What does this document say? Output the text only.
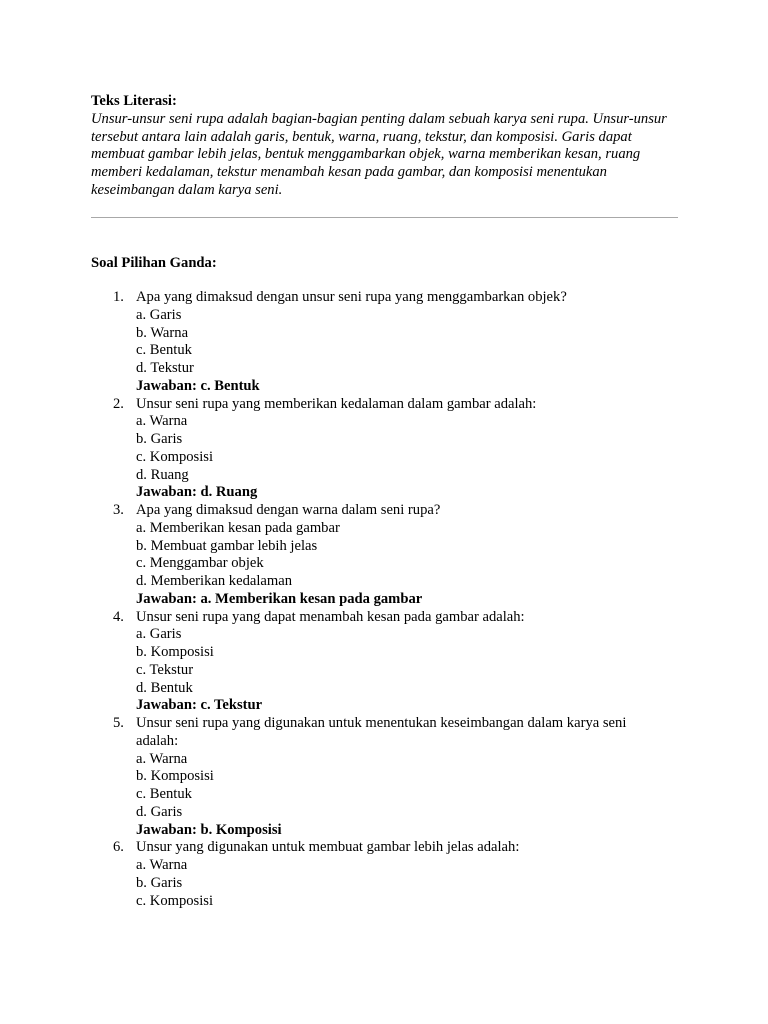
Teks Literasi:
Unsur-unsur seni rupa adalah bagian-bagian penting dalam sebuah karya seni rupa. Unsur-unsur tersebut antara lain adalah garis, bentuk, warna, ruang, tekstur, dan komposisi. Garis dapat membuat gambar lebih jelas, bentuk menggambarkan objek, warna memberikan kesan, ruang memberi kedalaman, tekstur menambah kesan pada gambar, dan komposisi menentukan keseimbangan dalam karya seni.
Soal Pilihan Ganda:
1. Apa yang dimaksud dengan unsur seni rupa yang menggambarkan objek?
a. Garis
b. Warna
c. Bentuk
d. Tekstur
Jawaban: c. Bentuk
2. Unsur seni rupa yang memberikan kedalaman dalam gambar adalah:
a. Warna
b. Garis
c. Komposisi
d. Ruang
Jawaban: d. Ruang
3. Apa yang dimaksud dengan warna dalam seni rupa?
a. Memberikan kesan pada gambar
b. Membuat gambar lebih jelas
c. Menggambar objek
d. Memberikan kedalaman
Jawaban: a. Memberikan kesan pada gambar
4. Unsur seni rupa yang dapat menambah kesan pada gambar adalah:
a. Garis
b. Komposisi
c. Tekstur
d. Bentuk
Jawaban: c. Tekstur
5. Unsur seni rupa yang digunakan untuk menentukan keseimbangan dalam karya seni adalah:
a. Warna
b. Komposisi
c. Bentuk
d. Garis
Jawaban: b. Komposisi
6. Unsur yang digunakan untuk membuat gambar lebih jelas adalah:
a. Warna
b. Garis
c. Komposisi
